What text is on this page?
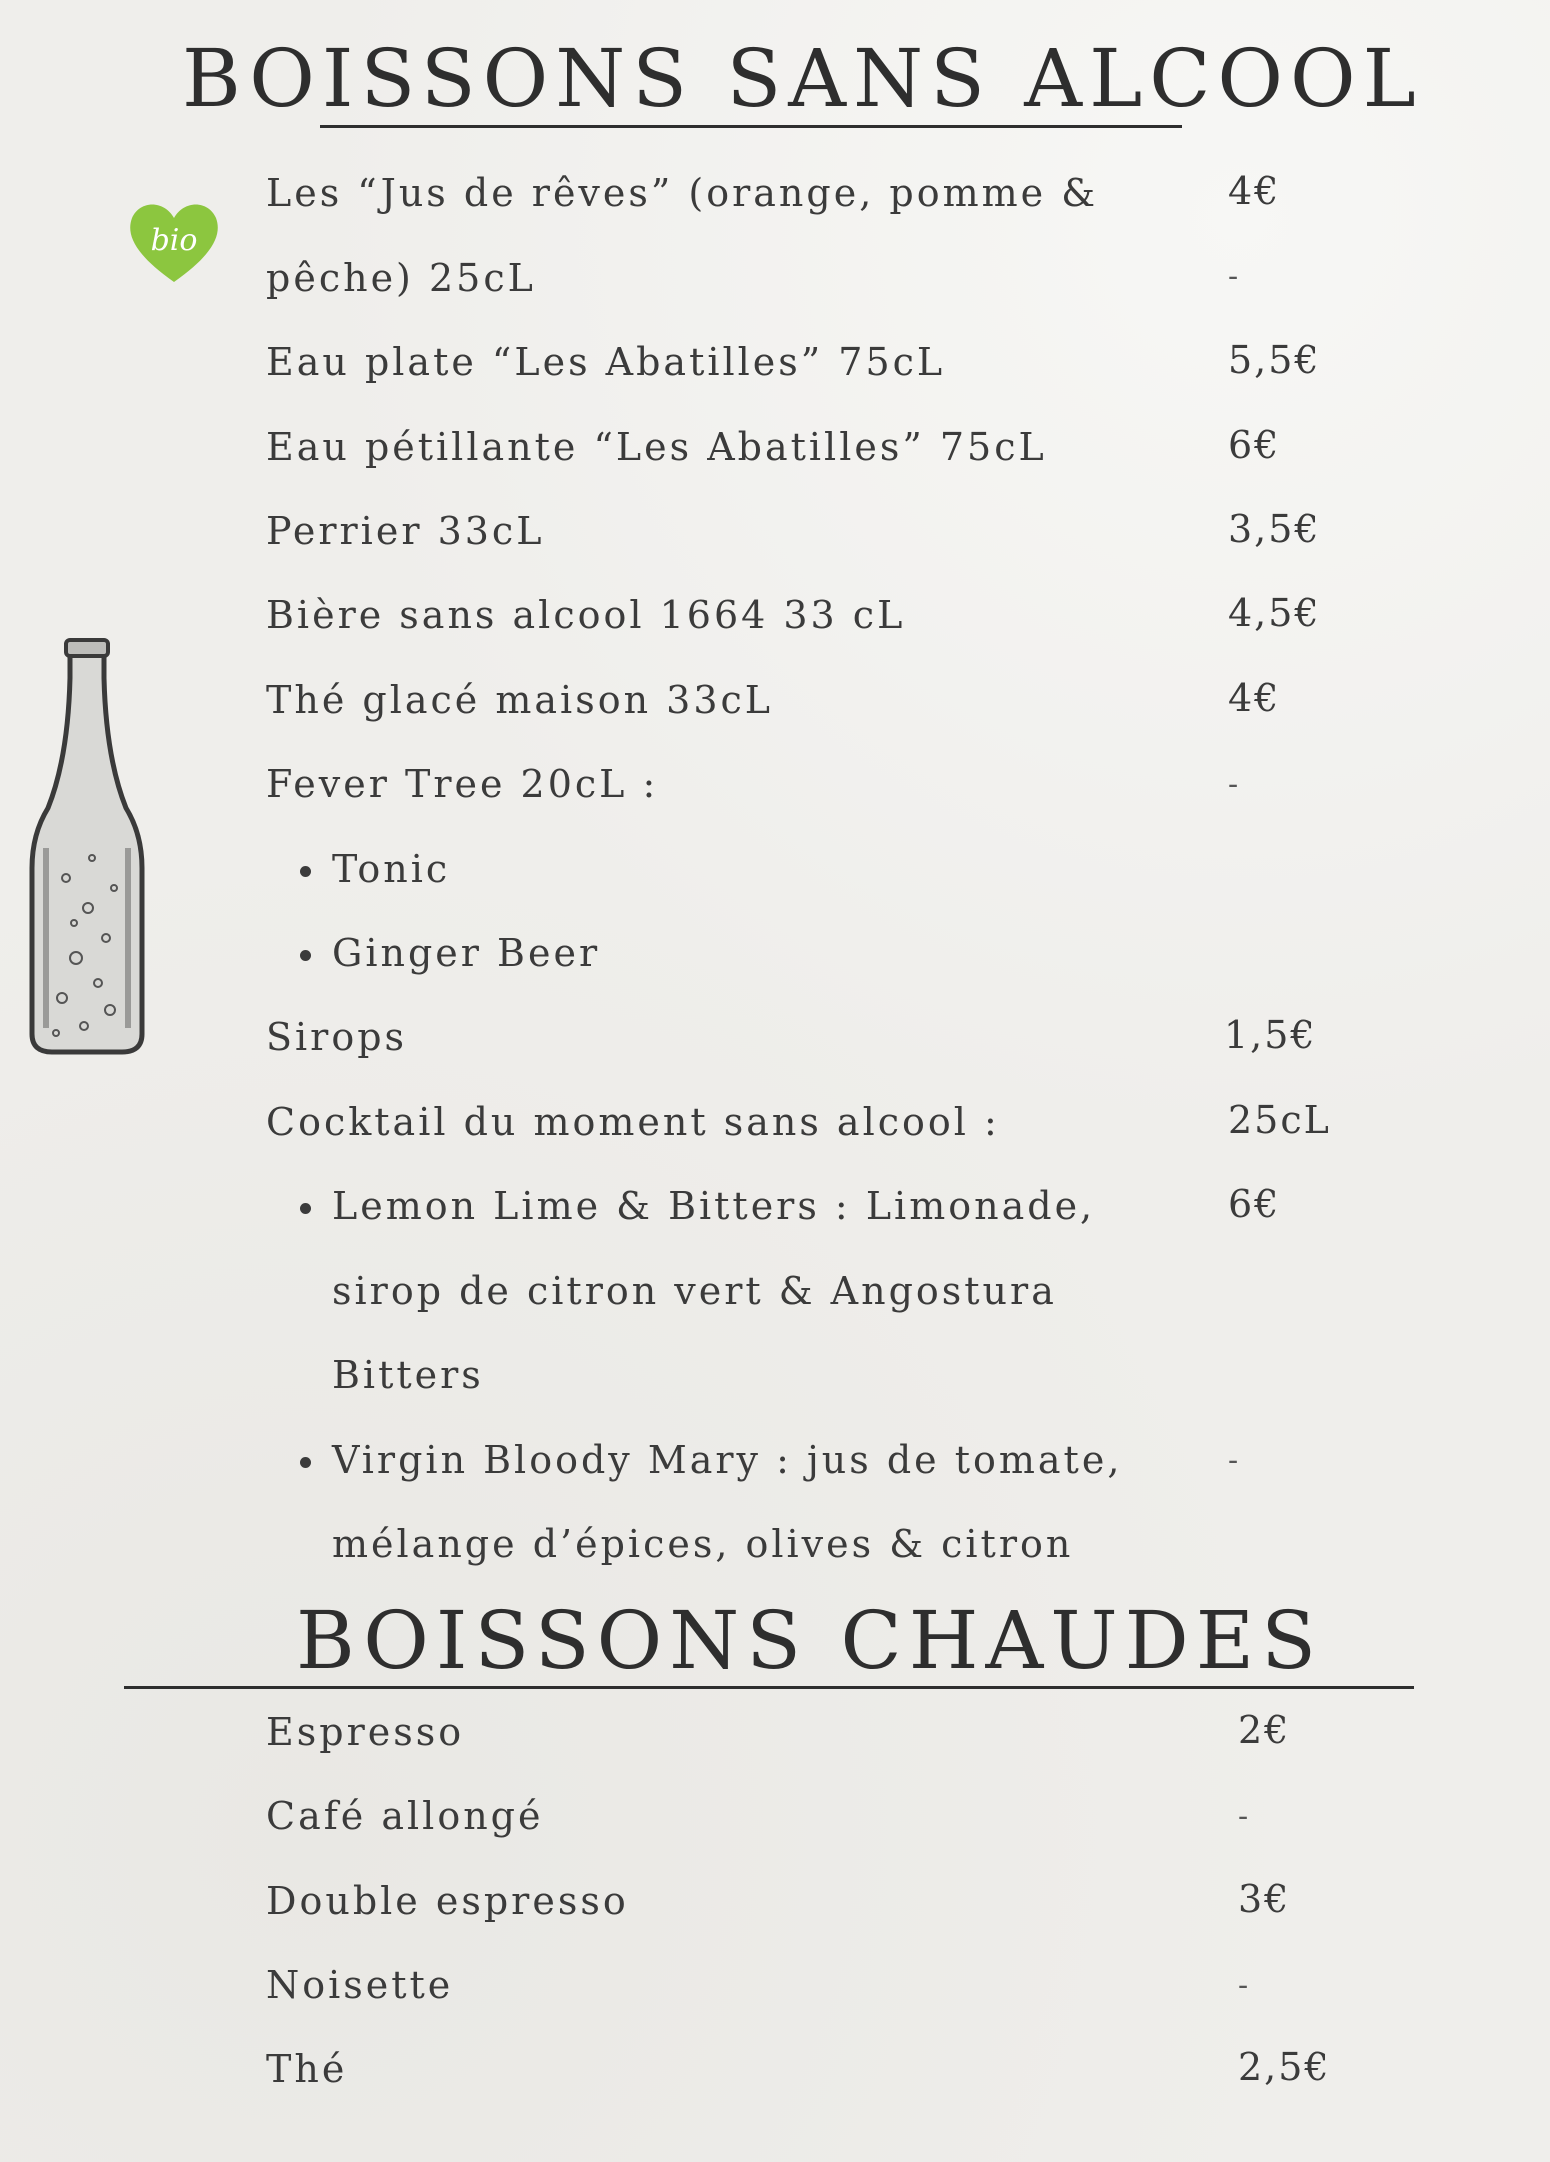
BOISSONS SANS ALCOOL
bio
Les “Jus de rêves” (orange, pomme &
pêche) 25cL
Eau plate “Les Abatilles” 75cL
Eau pétillante “Les Abatilles” 75cL
Perrier 33cL
Bière sans alcool 1664 33 cL
Thé glacé maison 33cL
Fever Tree 20cL :
Tonic
Ginger Beer
Sirops
Cocktail du moment sans alcool :
Lemon Lime & Bitters : Limonade,
sirop de citron vert & Angostura
Bitters
Virgin Bloody Mary : jus de tomate,
mélange d’épices, olives & citron
4€
-
5,5€
6€
3,5€
4,5€
4€
-
1,5€
25cL
6€
-
BOISSONS CHAUDES
Espresso
Café allongé
Double espresso
Noisette
Thé
2€
-
3€
-
2,5€
